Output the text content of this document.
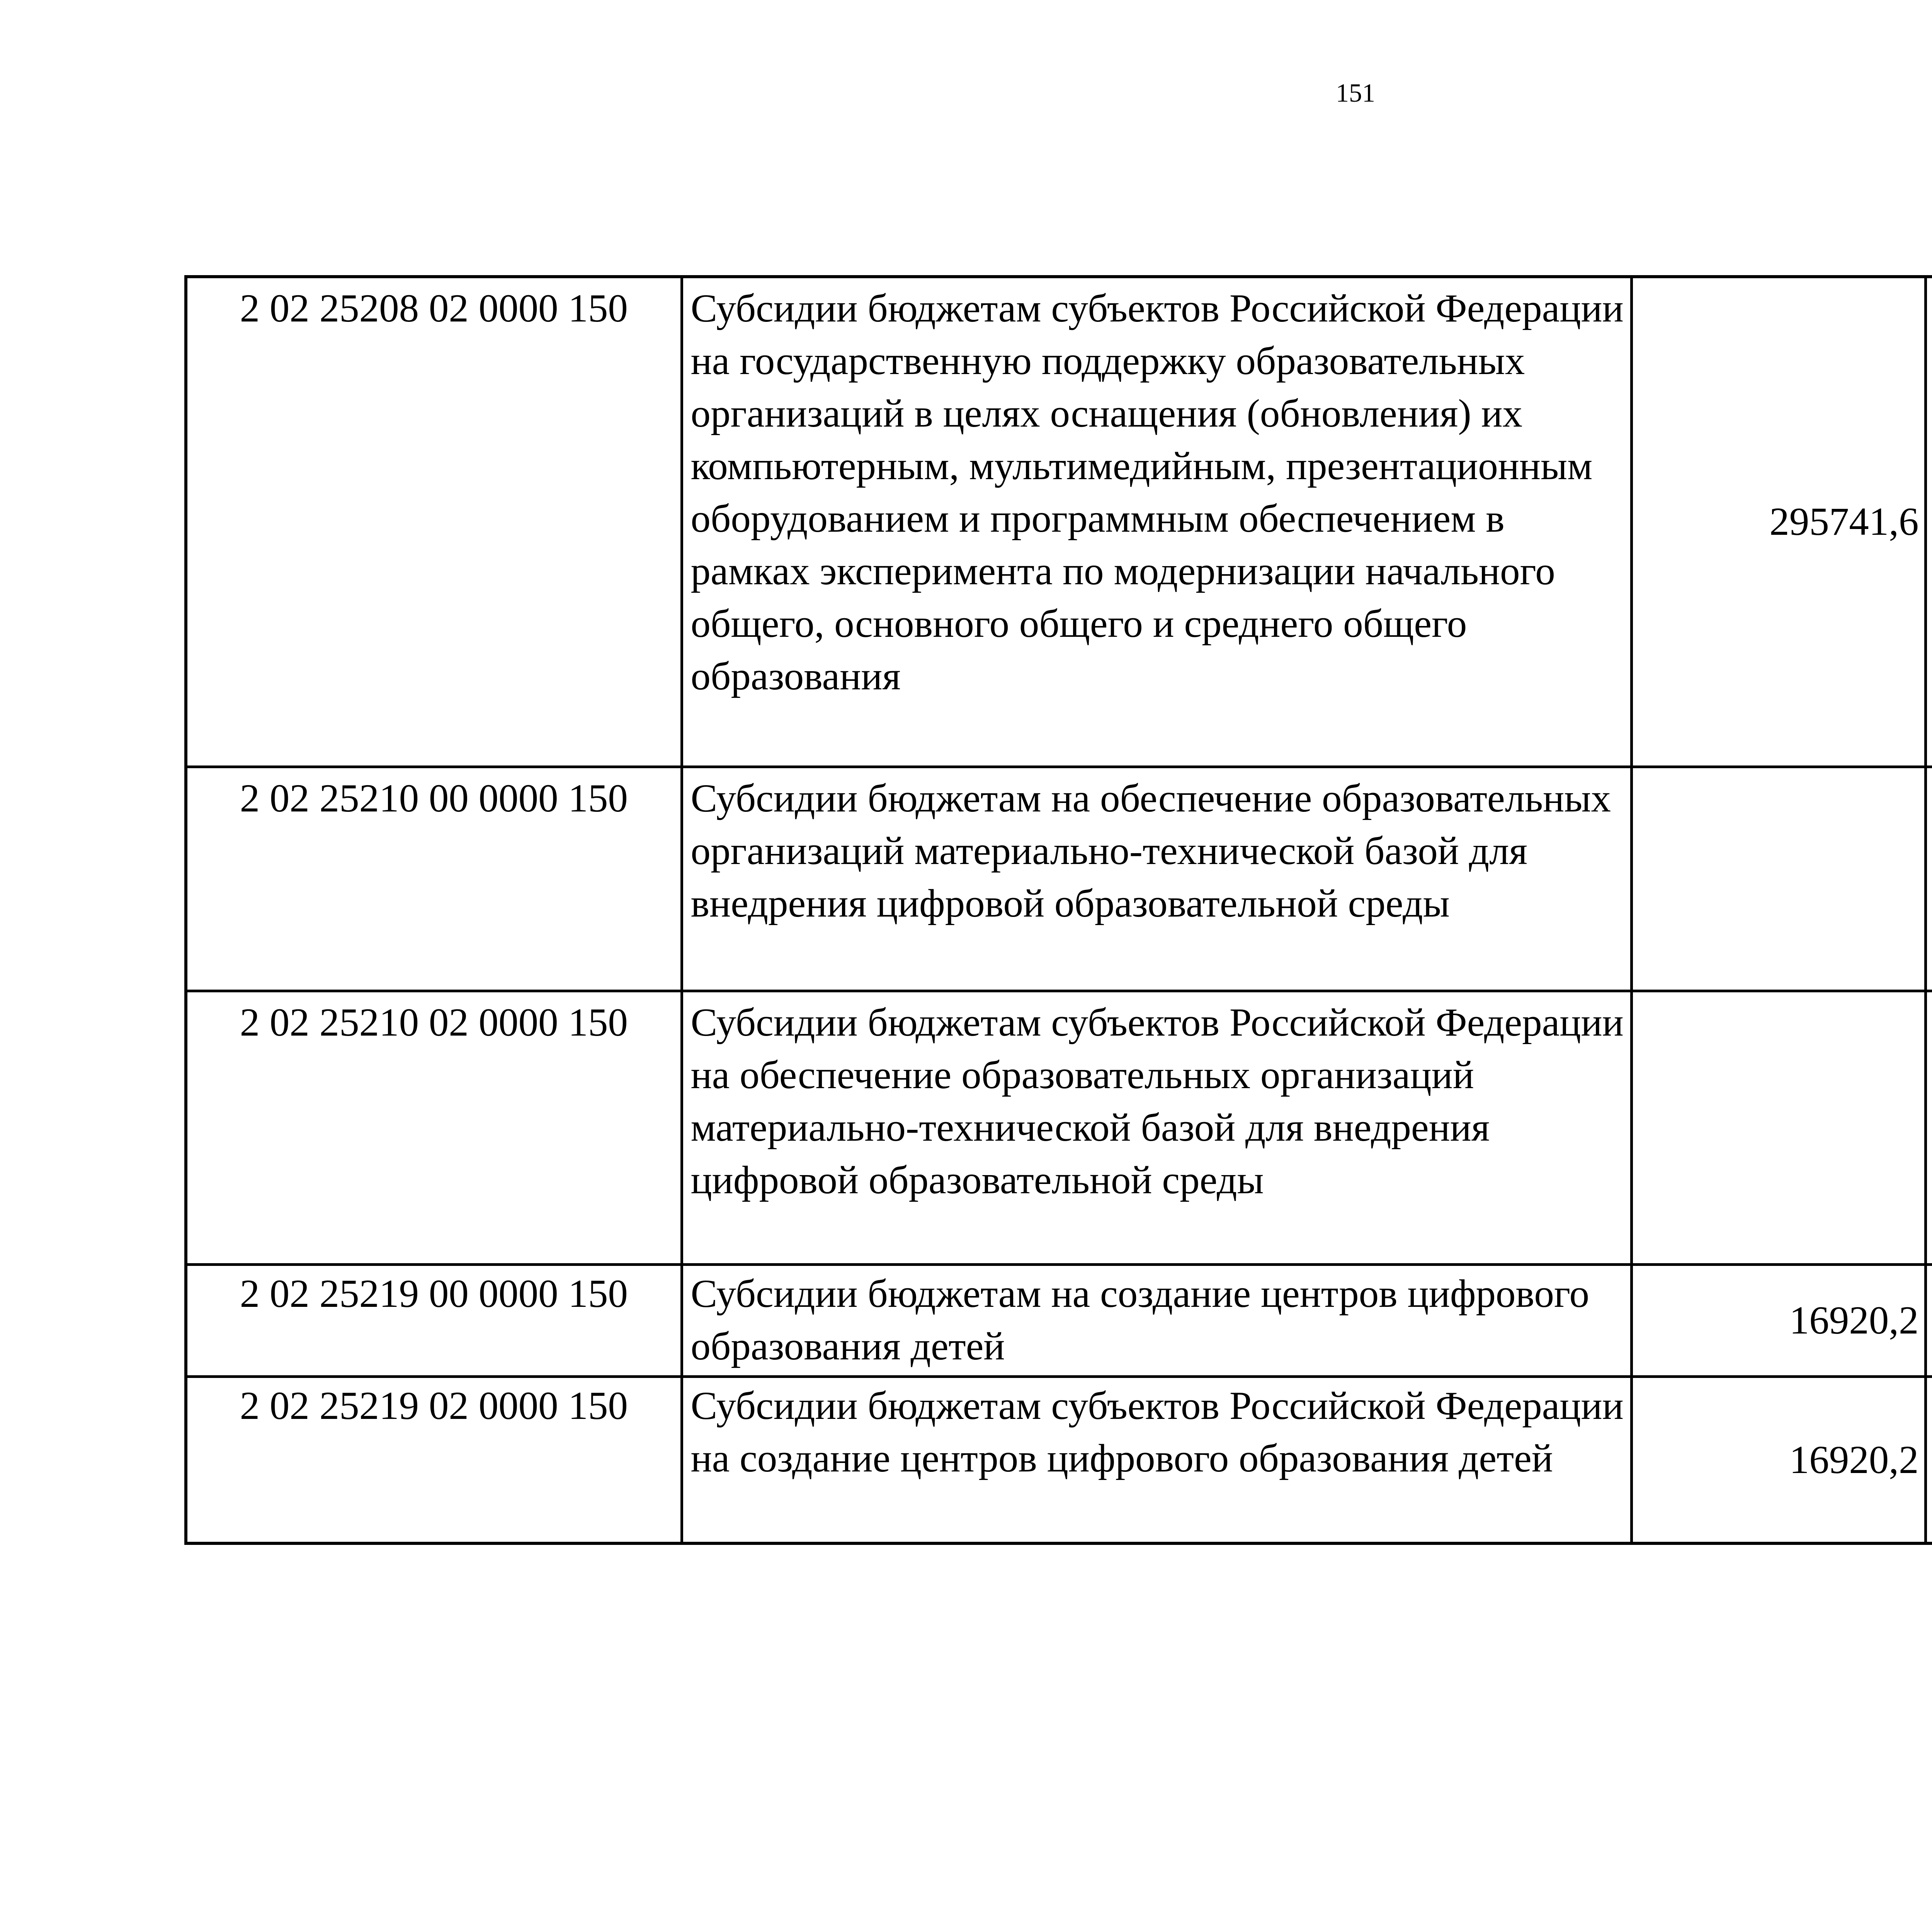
151
2 02 25208 02 0000 150	Субсидии бюджетам субъектов Российской Федерации на государственную поддержку образовательных организаций в целях оснащения (обновления) их компьютерным, мультимедийным, презентационным оборудованием и программным обеспечением в рамках эксперимента по модернизации начального общего, основного общего и среднего общего образования	295741,6		
2 02 25210 00 0000 150	Субсидии бюджетам на обеспечение образовательных организаций материально-технической базой для внедрения цифровой образовательной среды			
2 02 25210 02 0000 150	Субсидии бюджетам субъектов Российской Федерации на обеспечение образовательных организаций материально-технической базой для внедрения цифровой образовательной среды			
2 02 25219 00 0000 150	Субсидии бюджетам на создание центров цифрового образования детей	16920,2		
2 02 25219 02 0000 150	Субсидии бюджетам субъектов Российской Федерации на создание центров цифрового образования детей	16920,2		
